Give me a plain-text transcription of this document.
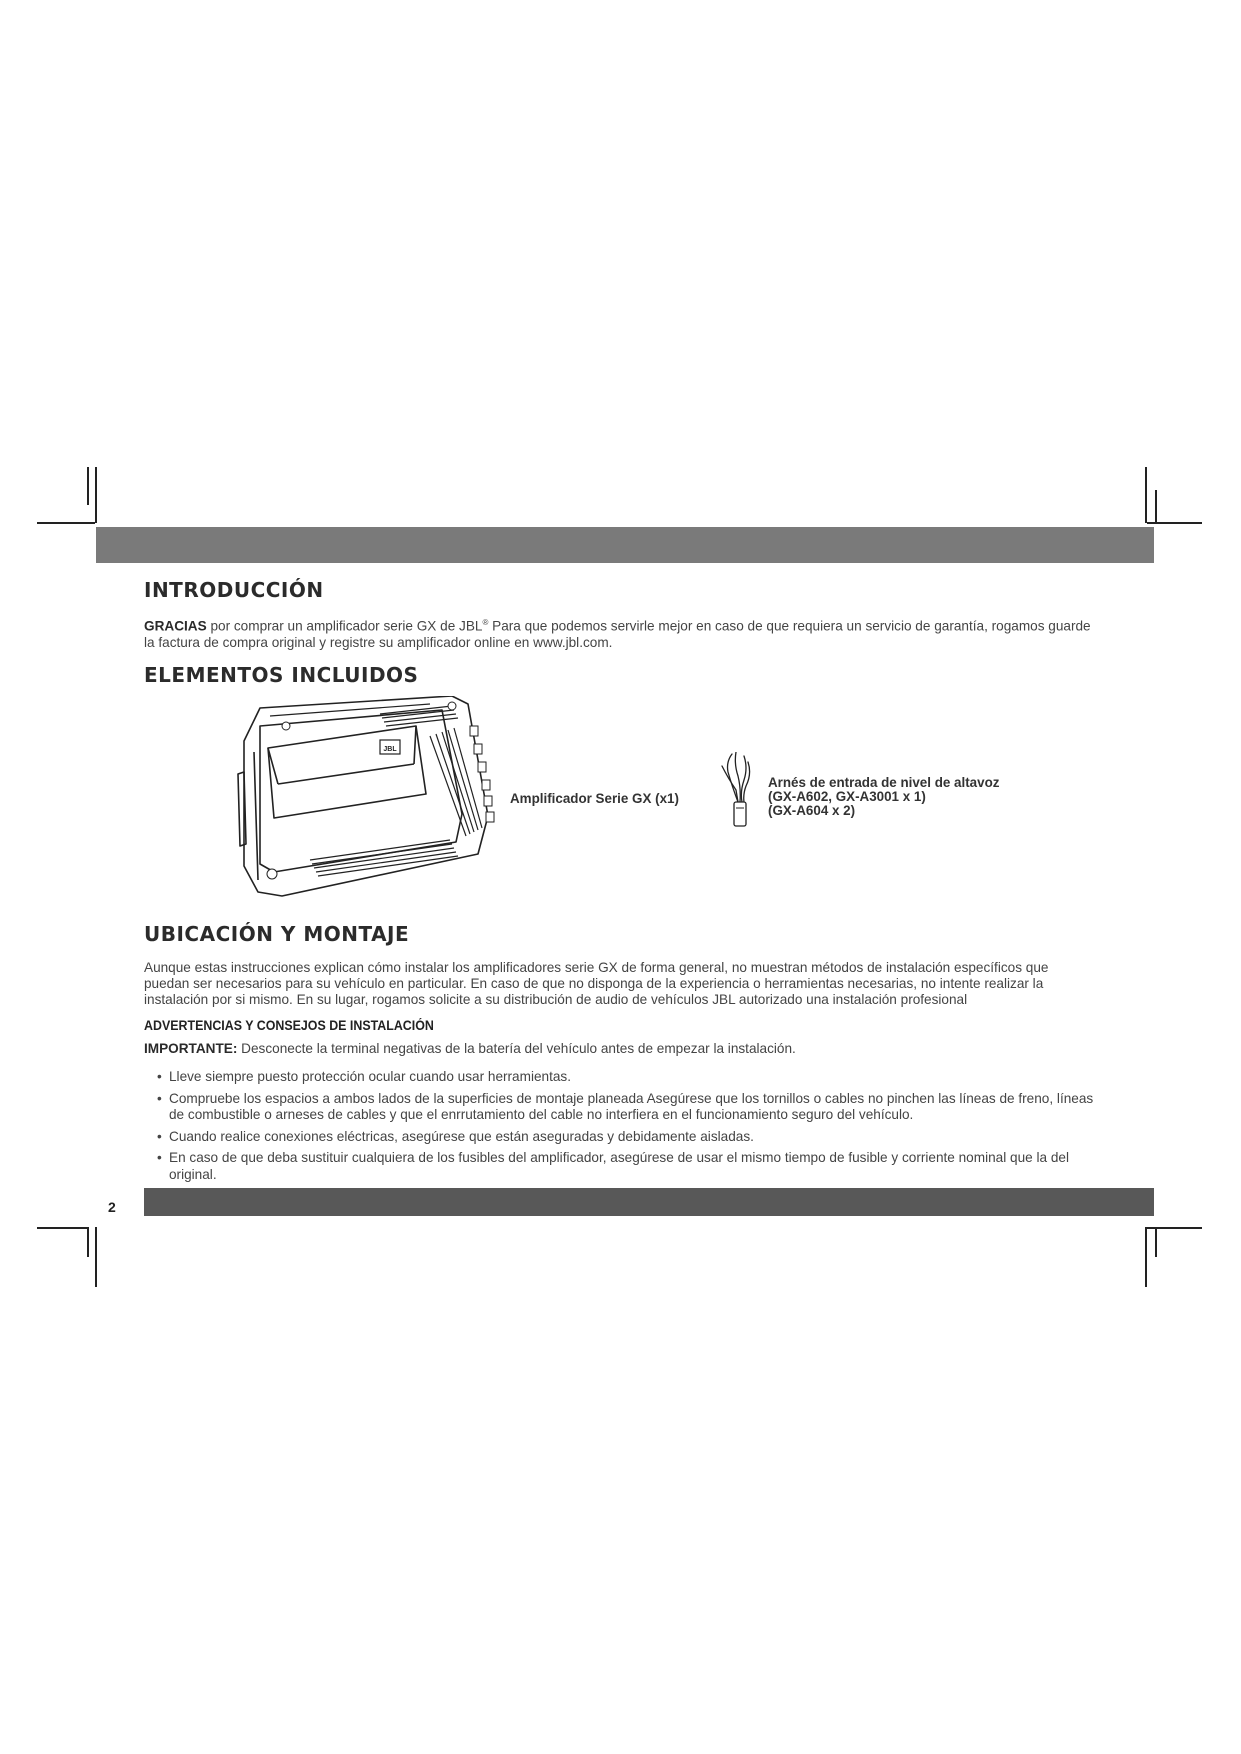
INTRODUCCIÓN

GRACIAS por comprar un amplificador serie GX de JBL® Para que podemos servirle mejor en caso de que requiera un servicio de garantía, rogamos guarde la factura de compra original y registre su amplificador online en www.jbl.com.

ELEMENTOS INCLUIDOS
JBL
Amplificador Serie GX (x1)
Arnés de entrada de nivel de altavoz
(GX-A602, GX-A3001 x 1)
(GX-A604 x 2)
UBICACIÓN Y MONTAJE

Aunque estas instrucciones explican cómo instalar los amplificadores serie GX de forma general, no muestran métodos de instalación específicos que puedan ser necesarios para su vehículo en particular. En caso de que no disponga de la experiencia o herramientas necesarias, no intente realizar la instalación por si mismo. En su lugar, rogamos solicite a su distribución de audio de vehículos JBL autorizado una instalación profesional

ADVERTENCIAS Y CONSEJOS DE INSTALACIÓN

IMPORTANTE: Desconecte la terminal negativas de la batería del vehículo antes de empezar la instalación.

• Lleve siempre puesto protección ocular cuando usar herramientas.
• Compruebe los espacios a ambos lados de la superficies de montaje planeada Asegúrese que los tornillos o cables no pinchen las líneas de freno, líneas de combustible o arneses de cables y que el enrrutamiento del cable no interfiera en el funcionamiento seguro del vehículo.
• Cuando realice conexiones eléctricas, asegúrese que están aseguradas y debidamente aisladas.
• En caso de que deba sustituir cualquiera de los fusibles del amplificador, asegúrese de usar el mismo tiempo de fusible y corriente nominal que la del original.
2
